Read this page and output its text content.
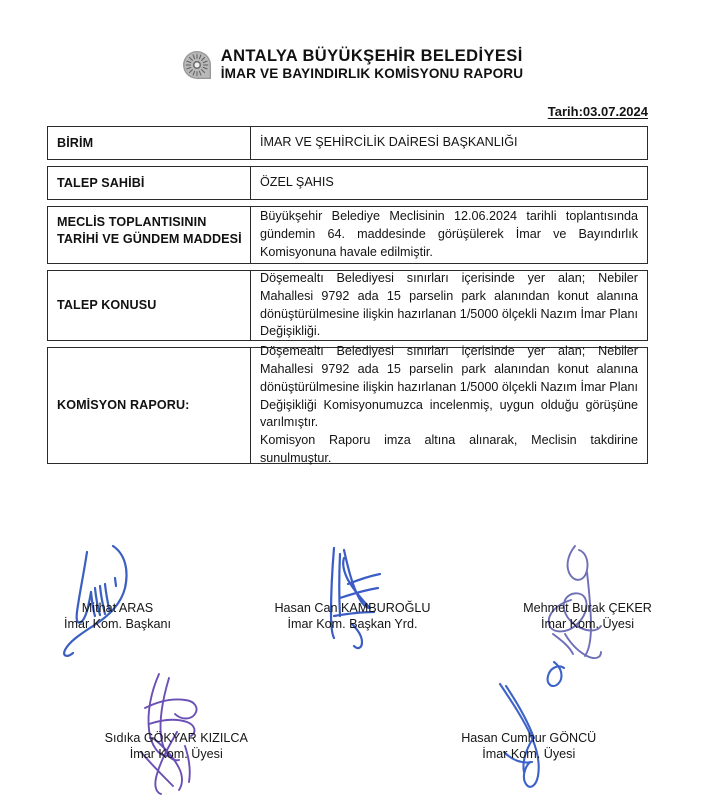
ANTALYA BÜYÜKŞEHİR BELEDİYESİ
İMAR VE BAYINDIRLIK KOMİSYONU RAPORU
Tarih:03.07.2024
BİRİM	İMAR VE ŞEHİRCİLİK DAİRESİ BAŞKANLIĞI

TALEP SAHİBİ	ÖZEL ŞAHIS

MECLİS TOPLANTISININ TARİHİ VE GÜNDEM MADDESİ

Büyükşehir Belediye Meclisinin 12.06.2024 tarihli toplantısında gündemin 64. maddesinde görüşülerek İmar ve Bayındırlık Komisyonuna havale edilmiştir.

TALEP KONUSU

Döşemealtı Belediyesi sınırları içerisinde yer alan; Nebiler Mahallesi 9792 ada 15 parselin park alanından konut alanına dönüştürülmesine ilişkin hazırlanan 1/5000 ölçekli Nazım İmar Planı Değişikliği.

KOMİSYON RAPORU:

Döşemealtı Belediyesi sınırları içerisinde yer alan; Nebiler Mahallesi 9792 ada 15 parselin park alanından konut alanına dönüştürülmesine ilişkin hazırlanan 1/5000 ölçekli Nazım İmar Planı Değişikliği Komisyonumuzca incelenmiş, uygun olduğu görüşüne varılmıştır.

Komisyon Raporu imza altına alınarak, Meclisin takdirine sunulmuştur.

Mithat ARAS
İmar Kom. Başkanı
Hasan Can KAMBUROĞLU
İmar Kom. Başkan Yrd.
Mehmet Burak ÇEKER
İmar Kom. Üyesi
Sıdıka GÖKYAR KIZILCA
İmar Kom. Üyesi
Hasan Cumhur GÖNCÜ
İmar Kom. Üyesi
